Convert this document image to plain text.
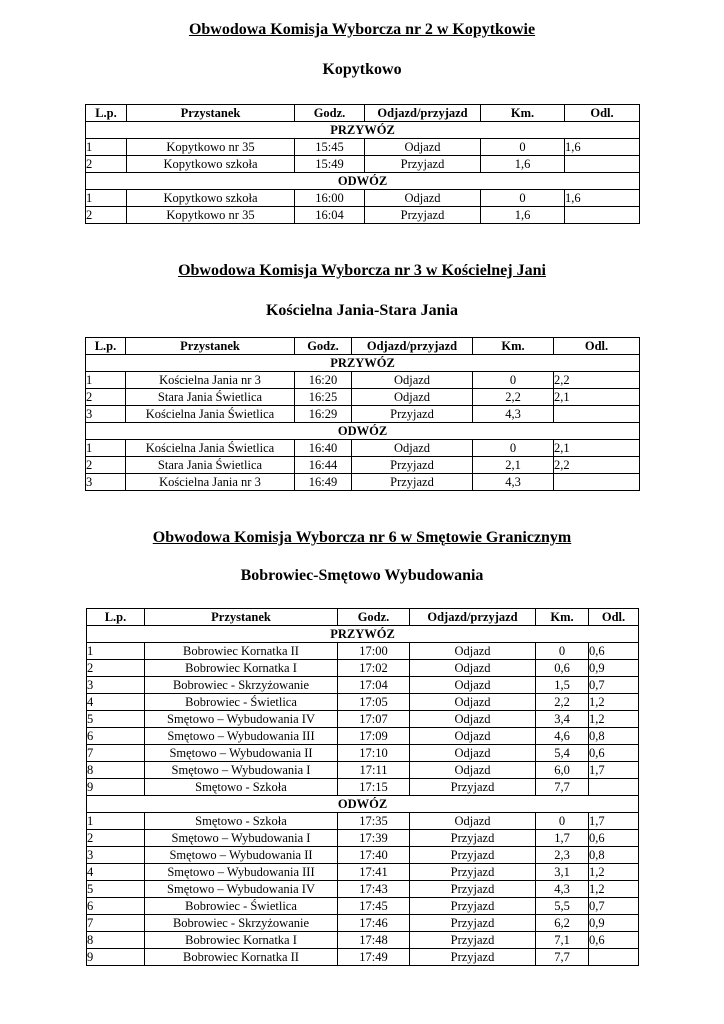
Obwodowa Komisja Wyborcza nr 2 w Kopytkowie
Kopytkowo
L.p.	Przystanek	Godz.	Odjazd/przyjazd	Km.	Odl.
PRZYWÓZ					
1	Kopytkowo nr 35	15:45	Odjazd	0	1,6
2	Kopytkowo szkoła	15:49	Przyjazd	1,6	
ODWÓZ					
1	Kopytkowo szkoła	16:00	Odjazd	0	1,6
2	Kopytkowo nr 35	16:04	Przyjazd	1,6	
Obwodowa Komisja Wyborcza nr 3 w Kościelnej Jani
Kościelna Jania-Stara Jania
L.p.	Przystanek	Godz.	Odjazd/przyjazd	Km.	Odl.
PRZYWÓZ					
1	Kościelna Jania nr 3	16:20	Odjazd	0	2,2
2	Stara Jania Świetlica	16:25	Odjazd	2,2	2,1
3	Kościelna Jania Świetlica	16:29	Przyjazd	4,3	
ODWÓZ					
1	Kościelna Jania Świetlica	16:40	Odjazd	0	2,1
2	Stara Jania Świetlica	16:44	Przyjazd	2,1	2,2
3	Kościelna Jania nr 3	16:49	Przyjazd	4,3	
Obwodowa Komisja Wyborcza nr 6 w Smętowie Granicznym
Bobrowiec-Smętowo Wybudowania
L.p.	Przystanek	Godz.	Odjazd/przyjazd	Km.	Odl.
PRZYWÓZ					
1	Bobrowiec Kornatka II	17:00	Odjazd	0	0,6
2	Bobrowiec Kornatka I	17:02	Odjazd	0,6	0,9
3	Bobrowiec - Skrzyżowanie	17:04	Odjazd	1,5	0,7
4	Bobrowiec - Świetlica	17:05	Odjazd	2,2	1,2
5	Smętowo – Wybudowania IV	17:07	Odjazd	3,4	1,2
6	Smętowo – Wybudowania III	17:09	Odjazd	4,6	0,8
7	Smętowo – Wybudowania II	17:10	Odjazd	5,4	0,6
8	Smętowo – Wybudowania I	17:11	Odjazd	6,0	1,7
9	Smętowo - Szkoła	17:15	Przyjazd	7,7	
ODWÓZ					
1	Smętowo - Szkoła	17:35	Odjazd	0	1,7
2	Smętowo – Wybudowania I	17:39	Przyjazd	1,7	0,6
3	Smętowo – Wybudowania II	17:40	Przyjazd	2,3	0,8
4	Smętowo – Wybudowania III	17:41	Przyjazd	3,1	1,2
5	Smętowo – Wybudowania IV	17:43	Przyjazd	4,3	1,2
6	Bobrowiec - Świetlica	17:45	Przyjazd	5,5	0,7
7	Bobrowiec - Skrzyżowanie	17:46	Przyjazd	6,2	0,9
8	Bobrowiec Kornatka I	17:48	Przyjazd	7,1	0,6
9	Bobrowiec Kornatka II	17:49	Przyjazd	7,7	
